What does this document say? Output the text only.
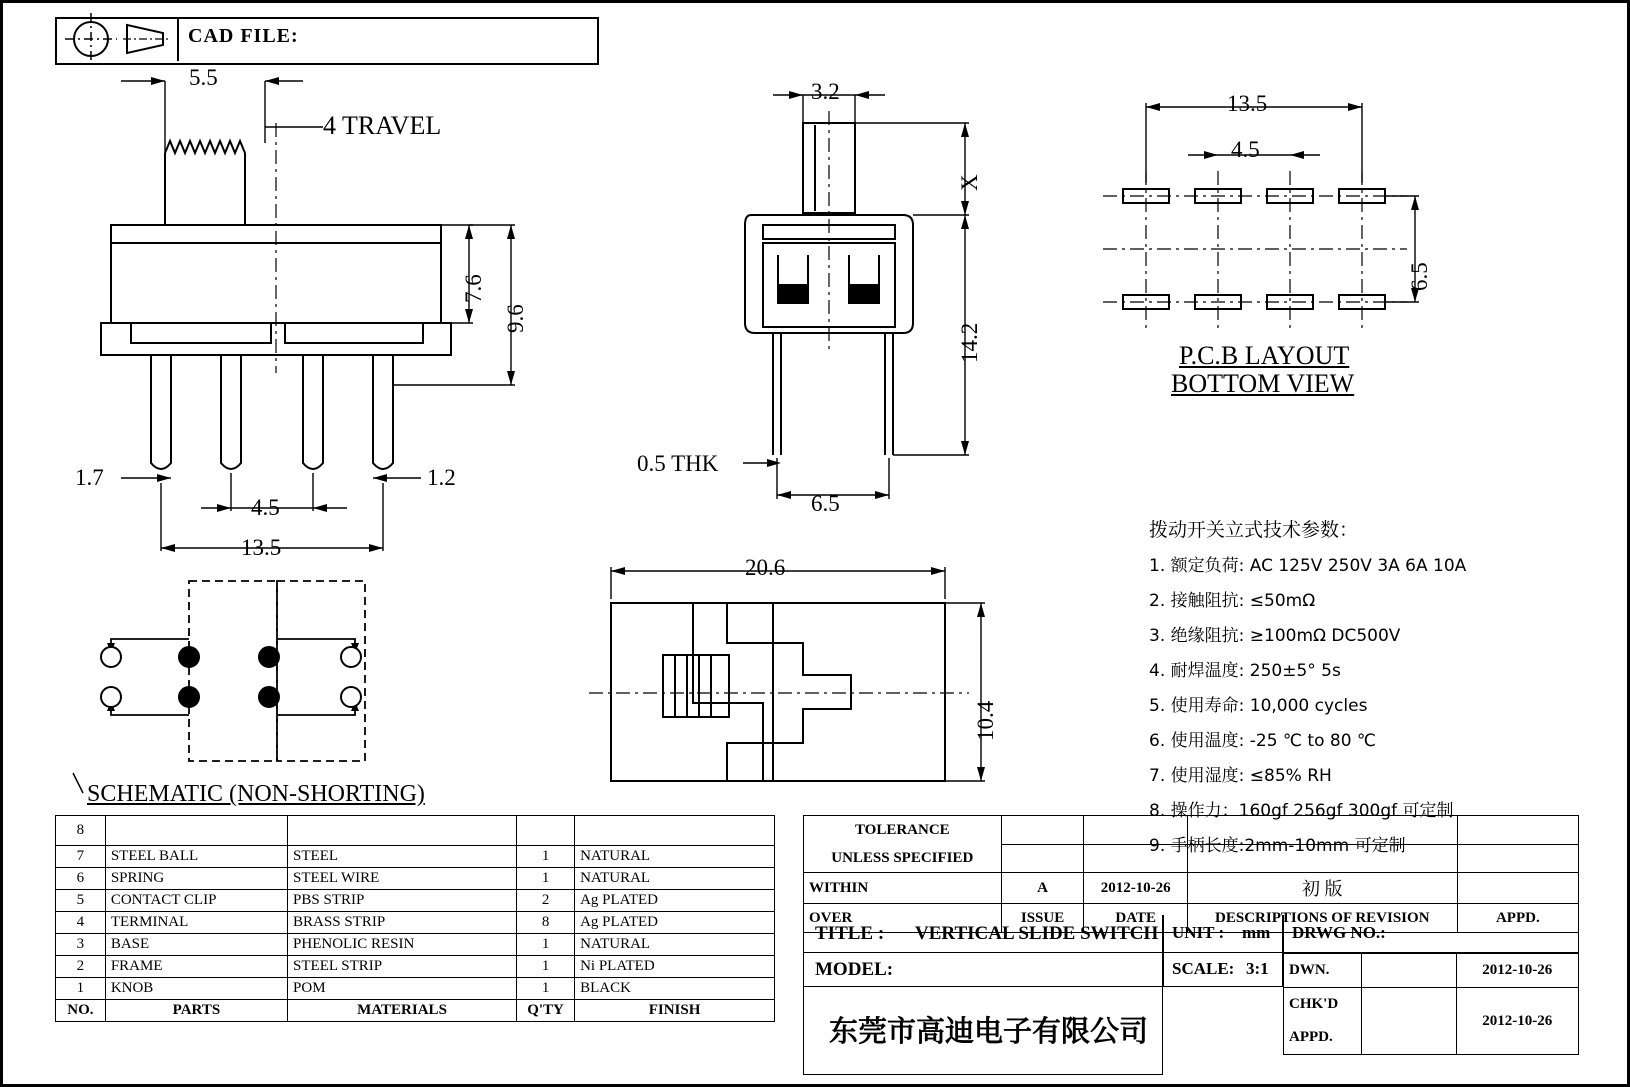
CAD FILE:
5.5
4 TRAVEL
7.6
9.6
1.7
4.5
1.2
13.5
3.2
X
14.2
0.5 THK
6.5
13.5
4.5
6.5
P.C.B LAYOUT
BOTTOM VIEW
20.6
10.4
SCHEMATIC (NON-SHORTING)
拨动开关立式技术参数：
1. 额定负荷: AC 125V 250V 3A 6A 10A
2. 接触阻抗: ≤50mΩ
3. 绝缘阻抗: ≥100mΩ DC500V
4. 耐焊温度: 250±5° 5s
5. 使用寿命: 10,000 cycles
6. 使用温度: -25 ℃ to 80 ℃
7. 使用湿度: ≤85% RH
8. 操作力：160gf 256gf 300gf 可定制
9. 手柄长度:2mm-10mm 可定制
8				
7	STEEL BALL	STEEL	1	NATURAL
6	SPRING	STEEL WIRE	1	NATURAL
5	CONTACT CLIP	PBS STRIP	2	Ag PLATED
4	TERMINAL	BRASS STRIP	8	Ag PLATED
3	BASE	PHENOLIC RESIN	1	NATURAL
2	FRAME	STEEL STRIP	1	Ni PLATED
1	KNOB	POM	1	BLACK
NO.	PARTS	MATERIALS	Q'TY	FINISH
TOLERANCE				
UNLESS SPECIFIED				
WITHIN	A	2012-10-26	初 版	
OVER	ISSUE	DATE	DESCRIPTIONS OF REVISION	APPD.
TITLE : VERTICAL SLIDE SWITCH
MODEL:
东莞市高迪电子有限公司
UNIT : mm
SCALE: 3:1
DRWG NO.:
DWN.		2012-10-26
CHK'D		2012-10-26
APPD.		
